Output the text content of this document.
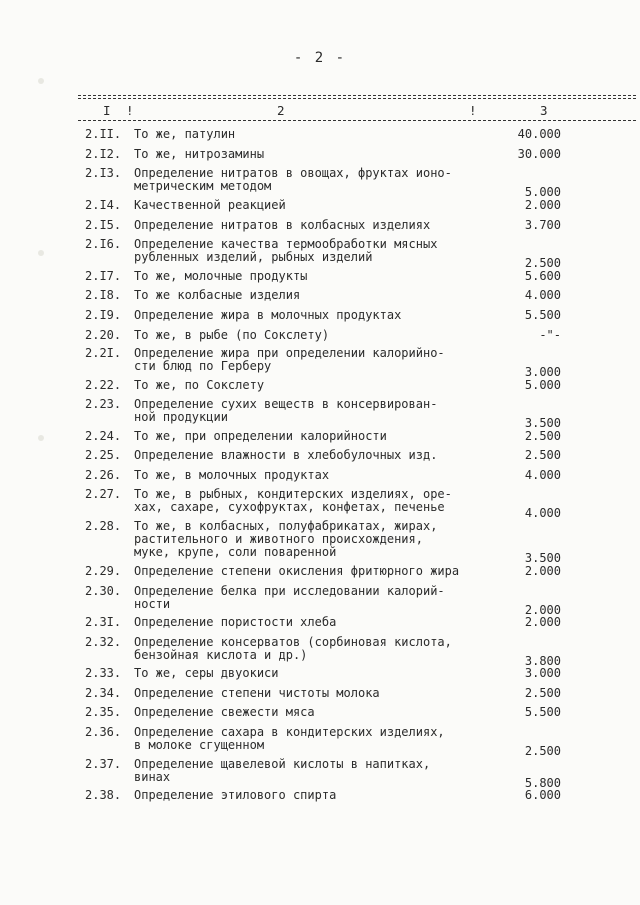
- 2 -
I !	2	!	3
2.II. То же, патулин	40.000
2.I2. То же, нитрозамины	30.000
2.I3. Определение нитратов в овощах, фруктах ионо-
метрическим методом	5.000
2.I4. Качественной реакцией	2.000
2.I5. Определение нитратов в колбасных изделиях	3.700
2.I6. Определение качества термообработки мясных
рубленных изделий, рыбных изделий	2.500
2.I7. То же, молочные продукты	5.600
2.I8. То же колбасные изделия	4.000
2.I9. Определение жира в молочных продуктах	5.500
2.20. То же, в рыбе (по Сокслету)	-"-
2.2I. Определение жира при определении калорийно-
сти блюд по Герберу	3.000
2.22. То же, по Сокслету	5.000
2.23. Определение сухих веществ в консервирован-
ной продукции	3.500
2.24. То же, при определении калорийности	2.500
2.25. Определение влажности в хлебобулочных изд.	2.500
2.26. То же, в молочных продуктах	4.000
2.27. То же, в рыбных, кондитерских изделиях, оре-
хах, сахаре, сухофруктах, конфетах, печенье	4.000
2.28. То же, в колбасных, полуфабрикатах, жирах,
растительного и животного происхождения,
муке, крупе, соли поваренной	3.500
2.29. Определение степени окисления фритюрного жира	2.000
2.30. Определение белка при исследовании калорий-
ности	2.000
2.3I. Определение пористости хлеба	2.000
2.32. Определение консерватов (сорбиновая кислота,
бензойная кислота и др.)	3.800
2.33. То же, серы двуокиси	3.000
2.34. Определение степени чистоты молока	2.500
2.35. Определение свежести мяса	5.500
2.36. Определение сахара в кондитерских изделиях,
в молоке сгущенном	2.500
2.37. Определение щавелевой кислоты в напитках,
винах	5.800
2.38. Определение этилового спирта	6.000
